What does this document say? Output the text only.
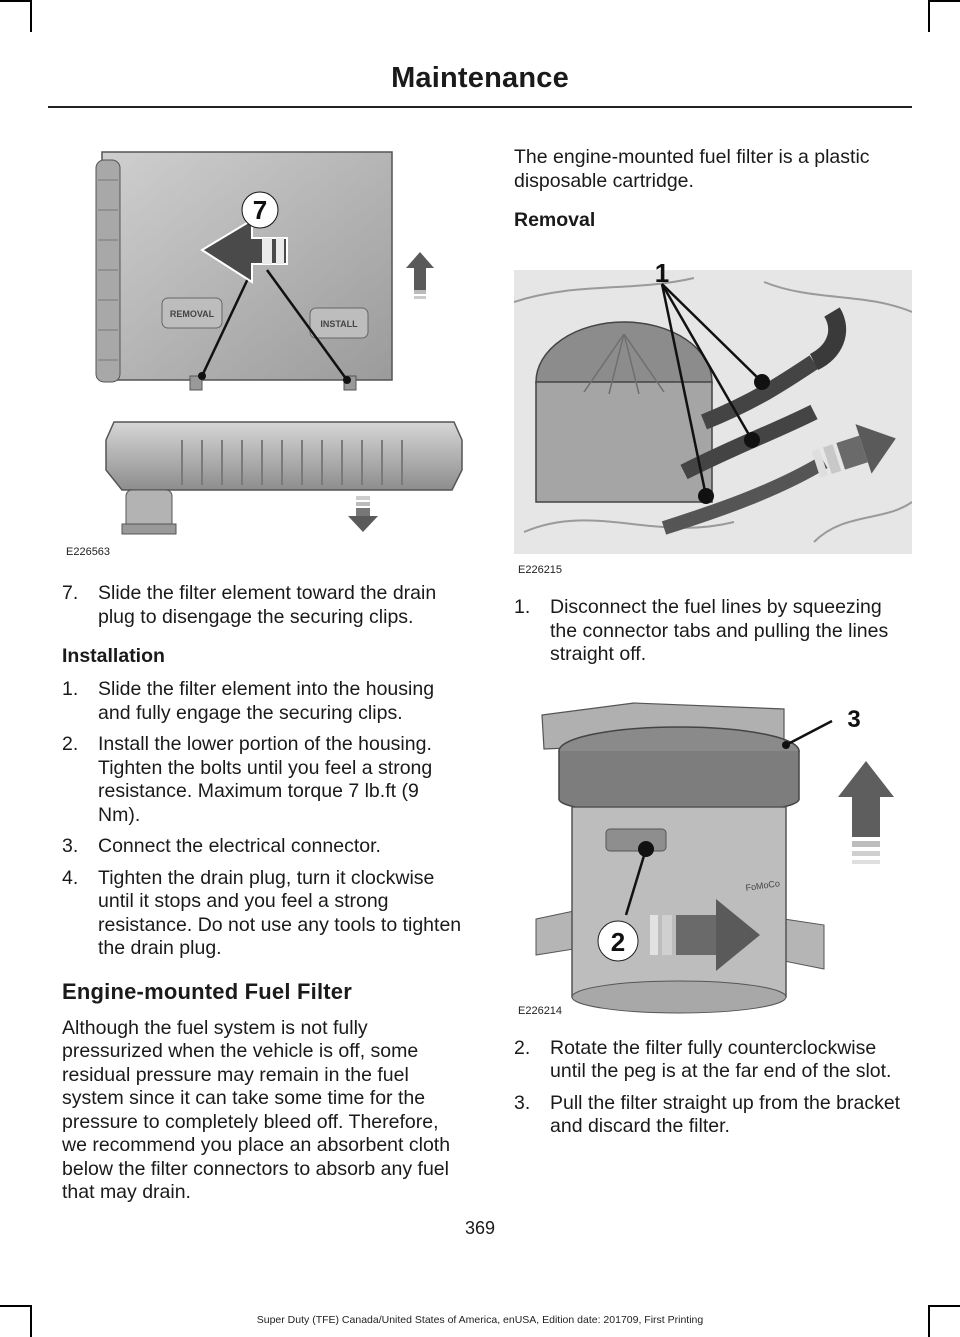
Maintenance
REMOVAL
INSTALL
7
E226563
7. Slide the filter element toward the drain plug to disengage the securing clips.
Installation
1. Slide the filter element into the housing and fully engage the securing clips.
2. Install the lower portion of the housing. Tighten the bolts until you feel a strong resistance. Maximum torque 7 lb.ft (9 Nm).
3. Connect the electrical connector.
4. Tighten the drain plug, turn it clockwise until it stops and you feel a strong resistance. Do not use any tools to tighten the drain plug.
Engine-mounted Fuel Filter

Although the fuel system is not fully pressurized when the vehicle is off, some residual pressure may remain in the fuel system since it can take some time for the pressure to completely bleed off. Therefore, we recommend you place an absorbent cloth below the filter connectors to absorb any fuel that may drain.

The engine-mounted fuel filter is a plastic disposable cartridge.

Removal
1
E226215
1. Disconnect the fuel lines by squeezing the connector tabs and pulling the lines straight off.
FoMoCo
2
3
E226214
2. Rotate the filter fully counterclockwise until the peg is at the far end of the slot.
3. Pull the filter straight up from the bracket and discard the filter.
369
Super Duty (TFE) Canada/United States of America, enUSA, Edition date: 201709, First Printing
